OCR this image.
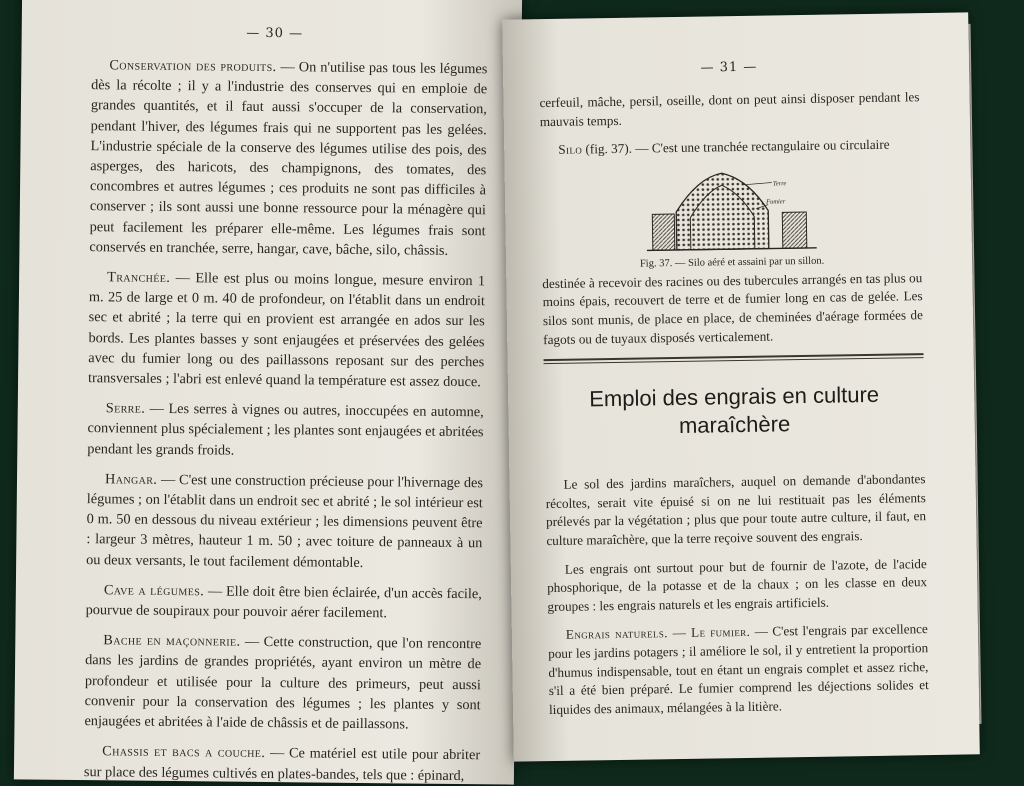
— 30 —

Conservation des produits. — On n'utilise pas tous les légumes dès la récolte ; il y a l'industrie des conserves qui en emploie de grandes quantités, et il faut aussi s'occuper de la conservation, pendant l'hiver, des légumes frais qui ne supportent pas les gelées. L'industrie spéciale de la conserve des légumes utilise des pois, des asperges, des haricots, des champignons, des tomates, des concombres et autres légumes ; ces produits ne sont pas difficiles à conserver ; ils sont aussi une bonne ressource pour la ménagère qui peut facilement les préparer elle-même. Les légumes frais sont conservés en tranchée, serre, hangar, cave, bâche, silo, châssis.

Tranchée. — Elle est plus ou moins longue, mesure environ 1 m. 25 de large et 0 m. 40 de profondeur, on l'établit dans un endroit sec et abrité ; la terre qui en provient est arrangée en ados sur les bords. Les plantes basses y sont enjaugées et préservées des gelées avec du fumier long ou des paillassons reposant sur des perches transversales ; l'abri est enlevé quand la température est assez douce.

Serre. — Les serres à vignes ou autres, inoccupées en automne, conviennent plus spécialement ; les plantes sont enjaugées et abritées pendant les grands froids.

Hangar. — C'est une construction précieuse pour l'hivernage des légumes ; on l'établit dans un endroit sec et abrité ; le sol intérieur est 0 m. 50 en dessous du niveau extérieur ; les dimensions peuvent être : largeur 3 mètres, hauteur 1 m. 50 ; avec toiture de panneaux à un ou deux versants, le tout facilement démontable.

Cave a légumes. — Elle doit être bien éclairée, d'un accès facile, pourvue de soupiraux pour pouvoir aérer facilement.

Bache en maçonnerie. — Cette construction, que l'on rencontre dans les jardins de grandes propriétés, ayant environ un mètre de profondeur et utilisée pour la culture des primeurs, peut aussi convenir pour la conservation des légumes ; les plantes y sont enjaugées et abritées à l'aide de châssis et de paillassons.

Chassis et bacs a couche. — Ce matériel est utile pour abriter sur place des légumes cultivés en plates-bandes, tels que : épinard,

— 31 —

cerfeuil, mâche, persil, oseille, dont on peut ainsi disposer pendant les mauvais temps.

Silo (fig. 37). — C'est une tranchée rectangulaire ou circulaire

Terre
Fumier
Fig. 37. — Silo aéré et assaini par un sillon.

destinée à recevoir des racines ou des tubercules arrangés en tas plus ou moins épais, recouvert de terre et de fumier long en cas de gelée. Les silos sont munis, de place en place, de cheminées d'aérage formées de fagots ou de tuyaux disposés verticalement.

Emploi des engrais en culture
maraîchère

Le sol des jardins maraîchers, auquel on demande d'abondantes récoltes, serait vite épuisé si on ne lui restituait pas les éléments prélevés par la végétation ; plus que pour toute autre culture, il faut, en culture maraîchère, que la terre reçoive souvent des engrais.

Les engrais ont surtout pour but de fournir de l'azote, de l'acide phosphorique, de la potasse et de la chaux ; on les classe en deux groupes : les engrais naturels et les engrais artificiels.

Engrais naturels. — Le fumier. — C'est l'engrais par excellence pour les jardins potagers ; il améliore le sol, il y entretient la proportion d'humus indispensable, tout en étant un engrais complet et assez riche, s'il a été bien préparé. Le fumier comprend les déjections solides et liquides des animaux, mélangées à la litière.
